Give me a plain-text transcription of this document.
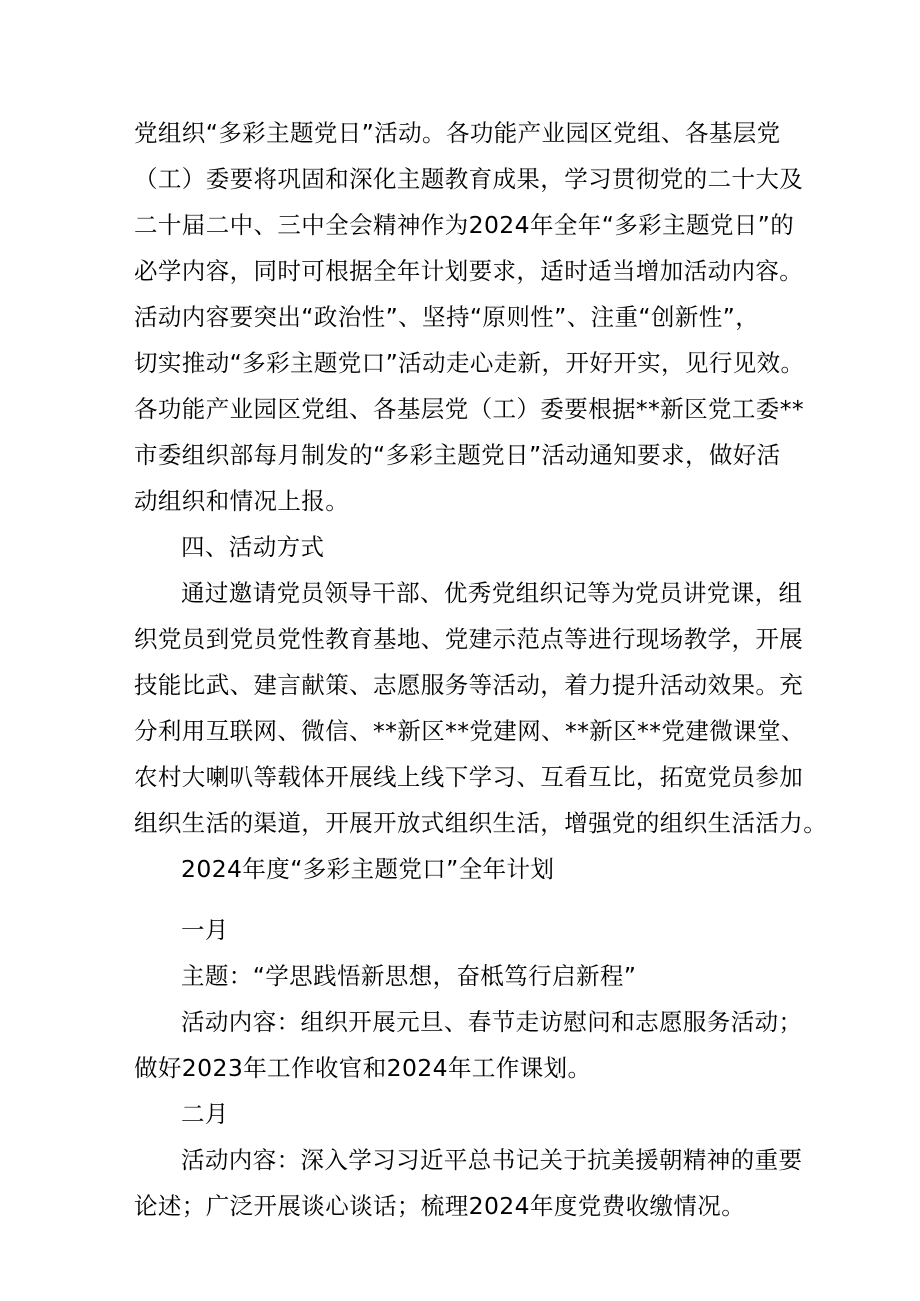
党组织“多彩主题党日”活动。各功能产业园区党组、各基层党
（工）委要将巩固和深化主题教育成果，学习贯彻党的二十大及
二十届二中、三中全会精神作为2024年全年“多彩主题党日”的
必学内容，同时可根据全年计划要求，适时适当增加活动内容。
活动内容要突出“政治性”、坚持“原则性”、注重“创新性”，
切实推动“多彩主题党口”活动走心走新，开好开实，见行见效。
各功能产业园区党组、各基层党（工）委要根据**新区党工委**
市委组织部每月制发的“多彩主题党日”活动通知要求，做好活
动组织和情况上报。
四、活动方式
通过邀请党员领导干部、优秀党组织记等为党员讲党课，组
织党员到党员党性教育基地、党建示范点等进行现场教学，开展
技能比武、建言献策、志愿服务等活动，着力提升活动效果。充
分利用互联网、微信、**新区**党建网、**新区**党建微课堂、
农村大喇叭等载体开展线上线下学习、互看互比，拓宽党员参加
组织生活的渠道，开展开放式组织生活，增强党的组织生活活力。
2024年度“多彩主题党口”全年计划
一月
主题：“学思践悟新思想，奋柢笃行启新程”
活动内容：组织开展元旦、春节走访慰问和志愿服务活动；
做好2023年工作收官和2024年工作课划。
二月
活动内容：深入学习习近平总书记关于抗美援朝精神的重要
论述；广泛开展谈心谈话；梳理2024年度党费收缴情况。
